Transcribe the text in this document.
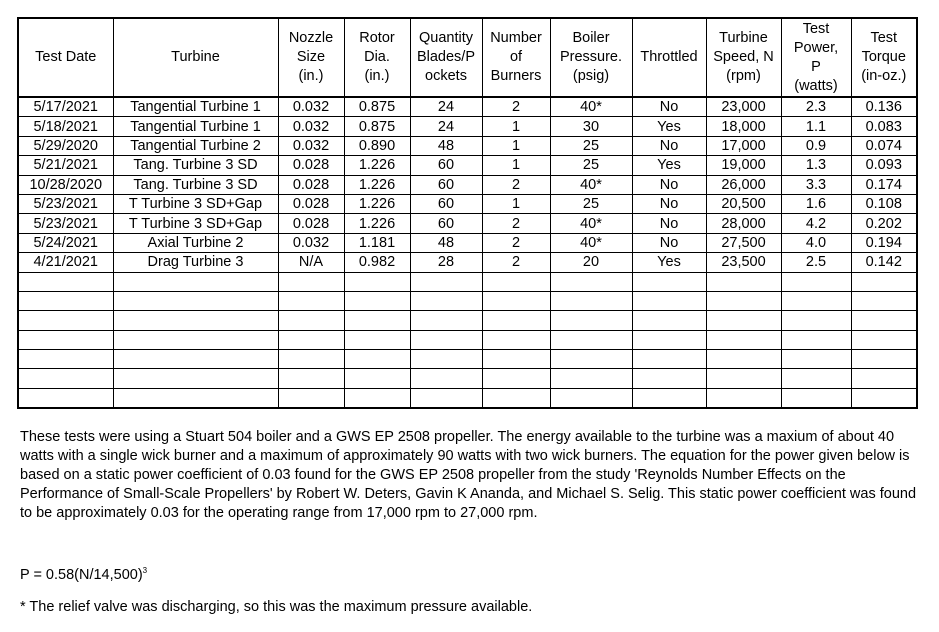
Test Date	Turbine	Nozzle
Size
(in.)	Rotor
Dia.
(in.)	Quantity
Blades/P
ockets	Number
of
Burners	Boiler
Pressure.
(psig)	Throttled	Turbine
Speed, N
(rpm)	Test
Power,
P
(watts)	Test
Torque
(in-oz.)

5/17/2021	Tangential Turbine 1	0.032	0.875	24	2	40*	No	23,000	2.3	0.136
5/18/2021	Tangential Turbine 1	0.032	0.875	24	1	30	Yes	18,000	1.1	0.083
5/29/2020	Tangential Turbine 2	0.032	0.890	48	1	25	No	17,000	0.9	0.074
5/21/2021	Tang. Turbine 3 SD	0.028	1.226	60	1	25	Yes	19,000	1.3	0.093
10/28/2020	Tang. Turbine 3 SD	0.028	1.226	60	2	40*	No	26,000	3.3	0.174
5/23/2021	T Turbine 3 SD+Gap	0.028	1.226	60	1	25	No	20,500	1.6	0.108
5/23/2021	T Turbine 3 SD+Gap	0.028	1.226	60	2	40*	No	28,000	4.2	0.202
5/24/2021	Axial Turbine 2	0.032	1.181	48	2	40*	No	27,500	4.0	0.194
4/21/2021	Drag Turbine 3	N/A	0.982	28	2	20	Yes	23,500	2.5	0.142

These tests were using a Stuart 504 boiler and a GWS EP 2508 propeller. The energy available to the turbine was a maxium of about 40 watts with a single wick burner and a maximum of approximately 90 watts with two wick burners. The equation for the power given below is based on a static power coefficient of 0.03 found for the GWS EP 2508 propeller from the study 'Reynolds Number Effects on the Performance of Small-Scale Propellers' by Robert W. Deters, Gavin K Ananda, and Michael S. Selig. This static power coefficient was found to be approximately 0.03 for the operating range from 17,000 rpm to 27,000 rpm.
$P = 0.58(N/14,500)^3$
* The relief valve was discharging, so this was the maximum pressure available.
